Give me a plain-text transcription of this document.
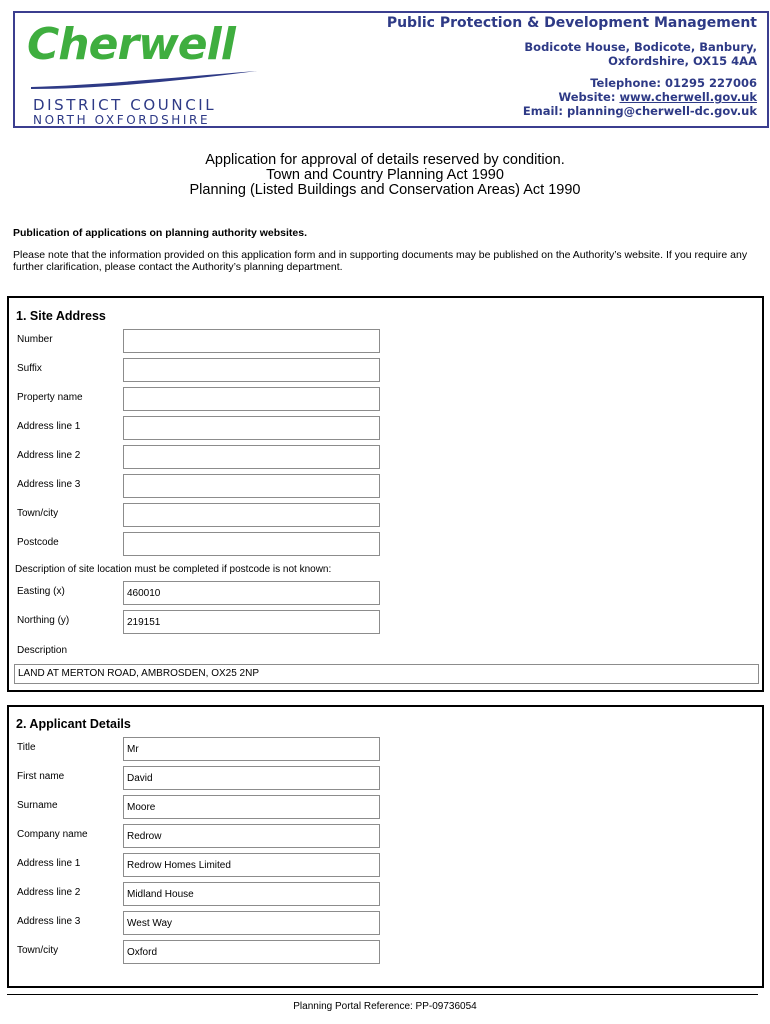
Cherwell
DISTRICT COUNCIL
NORTH OXFORDSHIRE
Public Protection & Development Management
Bodicote House, Bodicote, Banbury,
Oxfordshire, OX15 4AA
Telephone: 01295 227006
Website: www.cherwell.gov.uk
Email: planning@cherwell-dc.gov.uk
Application for approval of details reserved by condition.
Town and Country Planning Act 1990
Planning (Listed Buildings and Conservation Areas) Act 1990
Publication of applications on planning authority websites.
Please note that the information provided on this application form and in supporting documents may be published on the Authority’s website. If you require any further clarification, please contact the Authority’s planning department.
1. Site Address
Number
Suffix
Property name
Address line 1
Address line 2
Address line 3
Town/city
Postcode
Description of site location must be completed if postcode is not known:
Easting (x)	460010
Northing (y)	219151
Description
LAND AT MERTON ROAD, AMBROSDEN, OX25 2NP
2. Applicant Details
Title	Mr
First name	David
Surname	Moore
Company name	Redrow
Address line 1	Redrow Homes Limited
Address line 2	Midland House
Address line 3	West Way
Town/city	Oxford
Planning Portal Reference: PP-09736054
